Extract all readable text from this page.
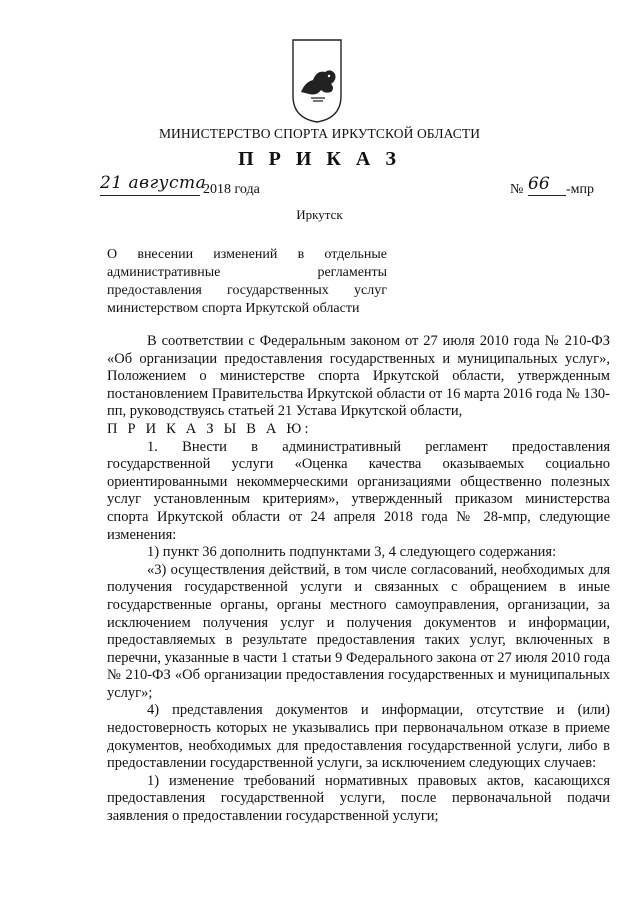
МИНИСТЕРСТВО СПОРТА ИРКУТСКОЙ ОБЛАСТИ
П Р И К А З
21 августа
2018 года	№ 66 -мпр
Иркутск
О внесении изменений в отдельные административные регламенты предоставления государственных услуг министерством спорта Иркутской области

В соответствии с Федеральным законом от 27 июля 2010 года № 210-ФЗ «Об организации предоставления государственных и муниципальных услуг», Положением о министерстве спорта Иркутской области, утвержденным постановлением Правительства Иркутской области от 16 марта 2016 года № 130-пп, руководствуясь статьей 21 Устава Иркутской области,

П Р И К А З Ы В А Ю:

1. Внести в административный регламент предоставления государственной услуги «Оценка качества оказываемых социально ориентированными некоммерческими организациями общественно полезных услуг установленным критериям», утвержденный приказом министерства спорта Иркутской области от 24 апреля 2018 года № 28-мпр, следующие изменения:

1) пункт 36 дополнить подпунктами 3, 4 следующего содержания:

«3) осуществления действий, в том числе согласований, необходимых для получения государственной услуги и связанных с обращением в иные государственные органы, органы местного самоуправления, организации, за исключением получения услуг и получения документов и информации, предоставляемых в результате предоставления таких услуг, включенных в перечни, указанные в части 1 статьи 9 Федерального закона от 27 июля 2010 года № 210-ФЗ «Об организации предоставления государственных и муниципальных услуг»;

4) представления документов и информации, отсутствие и (или) недостоверность которых не указывались при первоначальном отказе в приеме документов, необходимых для предоставления государственной услуги, либо в предоставлении государственной услуги, за исключением следующих случаев:

1) изменение требований нормативных правовых актов, касающихся предоставления государственной услуги, после первоначальной подачи заявления о предоставлении государственной услуги;
